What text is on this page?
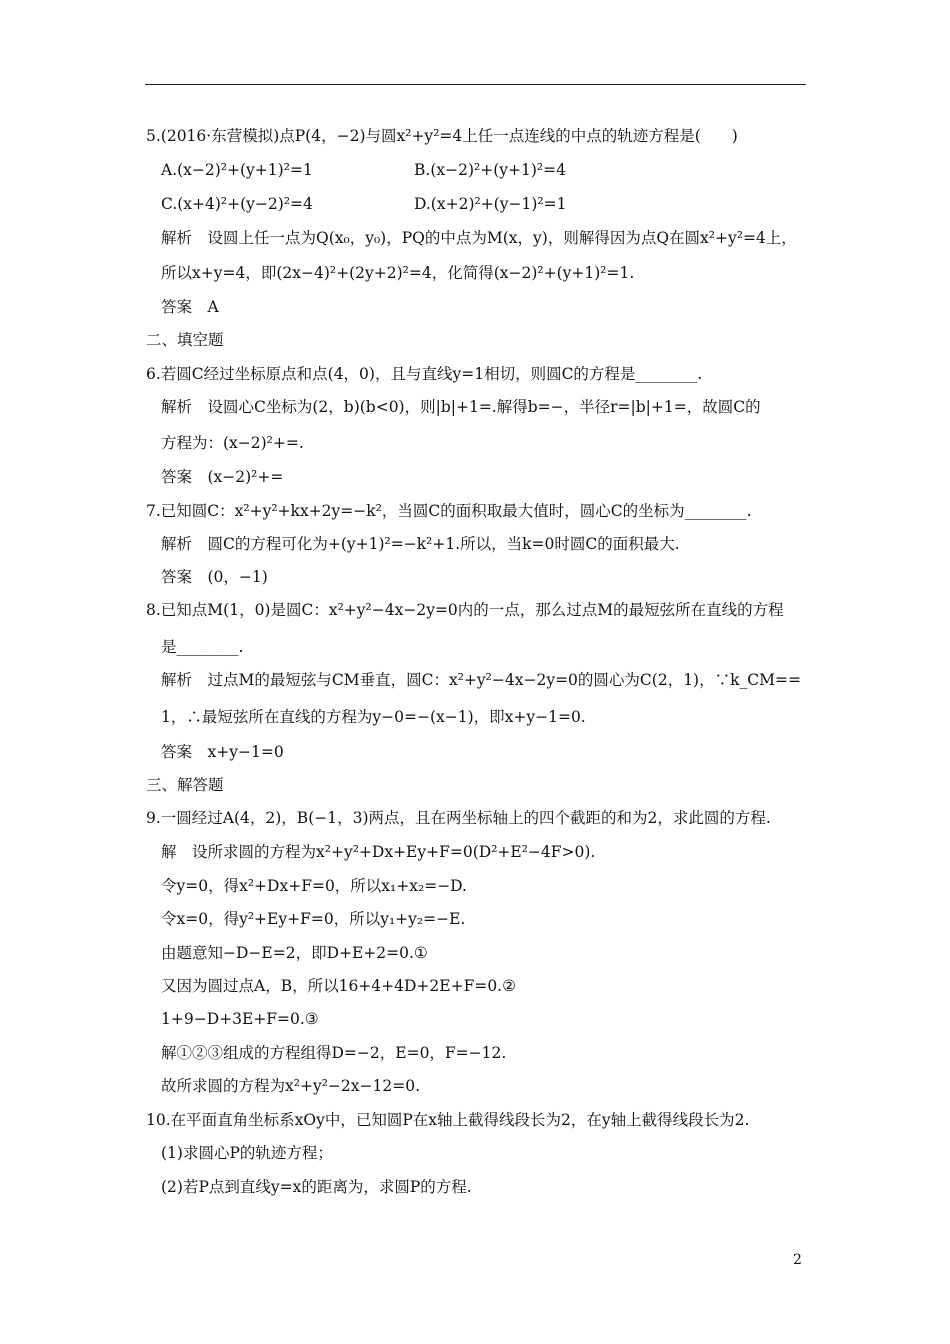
5.(2016·东营模拟)点P(4，−2)与圆x²+y²=4上任一点连线的中点的轨迹方程是(　　)
A.(x−2)²+(y+1)²=1	B.(x−2)²+(y+1)²=4
C.(x+4)²+(y−2)²=4	D.(x+2)²+(y−1)²=1
解析　设圆上任一点为Q(x₀，y₀)，PQ的中点为M(x，y)，则解得因为点Q在圆x²+y²=4上，
所以x+y=4，即(2x−4)²+(2y+2)²=4，化简得(x−2)²+(y+1)²=1.
答案　A
二、填空题
6.若圆C经过坐标原点和点(4，0)，且与直线y=1相切，则圆C的方程是________.
解析　设圆心C坐标为(2，b)(b<0)，则|b|+1=.解得b=−，半径r=|b|+1=，故圆C的
方程为：(x−2)²+=.
答案　(x−2)²+=
7.已知圆C：x²+y²+kx+2y=−k²，当圆C的面积取最大值时，圆心C的坐标为________.
解析　圆C的方程可化为+(y+1)²=−k²+1.所以，当k=0时圆C的面积最大.
答案　(0，−1)
8.已知点M(1，0)是圆C：x²+y²−4x−2y=0内的一点，那么过点M的最短弦所在直线的方程
是________.
解析　过点M的最短弦与CM垂直，圆C：x²+y²−4x−2y=0的圆心为C(2，1)，∵k_CM==
1，∴最短弦所在直线的方程为y−0=−(x−1)，即x+y−1=0.
答案　x+y−1=0
三、解答题
9.一圆经过A(4，2)，B(−1，3)两点，且在两坐标轴上的四个截距的和为2，求此圆的方程.
解　设所求圆的方程为x²+y²+Dx+Ey+F=0(D²+E²−4F>0).
令y=0，得x²+Dx+F=0，所以x₁+x₂=−D.
令x=0，得y²+Ey+F=0，所以y₁+y₂=−E.
由题意知−D−E=2，即D+E+2=0.①
又因为圆过点A，B，所以16+4+4D+2E+F=0.②
1+9−D+3E+F=0.③
解①②③组成的方程组得D=−2，E=0，F=−12.
故所求圆的方程为x²+y²−2x−12=0.
10.在平面直角坐标系xOy中，已知圆P在x轴上截得线段长为2，在y轴上截得线段长为2.
(1)求圆心P的轨迹方程；
(2)若P点到直线y=x的距离为，求圆P的方程.
2
